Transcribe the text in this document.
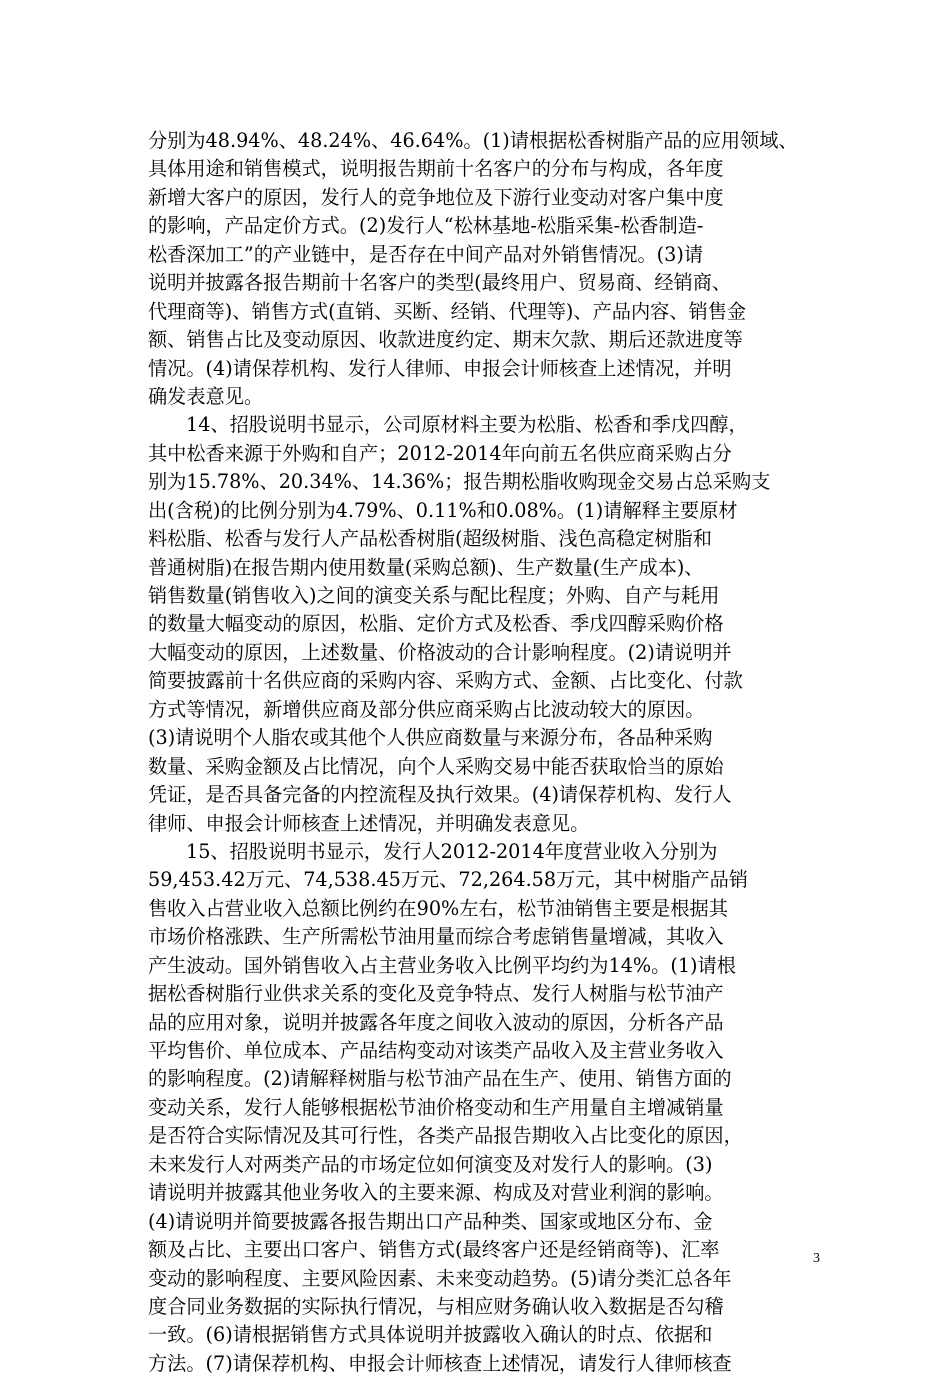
分别为48.94%、48.24%、46.64%。(1)请根据松香树脂产品的应用领域、
具体用途和销售模式，说明报告期前十名客户的分布与构成，各年度
新增大客户的原因，发行人的竞争地位及下游行业变动对客户集中度
的影响，产品定价方式。(2)发行人“松林基地-松脂采集-松香制造-
松香深加工”的产业链中，是否存在中间产品对外销售情况。(3)请
说明并披露各报告期前十名客户的类型(最终用户、贸易商、经销商、
代理商等)、销售方式(直销、买断、经销、代理等)、产品内容、销售金
额、销售占比及变动原因、收款进度约定、期末欠款、期后还款进度等
情况。(4)请保荐机构、发行人律师、申报会计师核查上述情况，并明
确发表意见。
14、招股说明书显示，公司原材料主要为松脂、松香和季戊四醇，
其中松香来源于外购和自产；2012-2014年向前五名供应商采购占分
别为15.78%、20.34%、14.36%；报告期松脂收购现金交易占总采购支
出(含税)的比例分别为4.79%、0.11%和0.08%。(1)请解释主要原材
料松脂、松香与发行人产品松香树脂(超级树脂、浅色高稳定树脂和
普通树脂)在报告期内使用数量(采购总额)、生产数量(生产成本)、
销售数量(销售收入)之间的演变关系与配比程度；外购、自产与耗用
的数量大幅变动的原因，松脂、定价方式及松香、季戊四醇采购价格
大幅变动的原因，上述数量、价格波动的合计影响程度。(2)请说明并
简要披露前十名供应商的采购内容、采购方式、金额、占比变化、付款
方式等情况，新增供应商及部分供应商采购占比波动较大的原因。
(3)请说明个人脂农或其他个人供应商数量与来源分布，各品种采购
数量、采购金额及占比情况，向个人采购交易中能否获取恰当的原始
凭证，是否具备完备的内控流程及执行效果。(4)请保荐机构、发行人
律师、申报会计师核查上述情况，并明确发表意见。
15、招股说明书显示，发行人2012-2014年度营业收入分别为
59,453.42万元、74,538.45万元、72,264.58万元，其中树脂产品销
售收入占营业收入总额比例约在90%左右，松节油销售主要是根据其
市场价格涨跌、生产所需松节油用量而综合考虑销售量增减，其收入
产生波动。国外销售收入占主营业务收入比例平均约为14%。(1)请根
据松香树脂行业供求关系的变化及竞争特点、发行人树脂与松节油产
品的应用对象，说明并披露各年度之间收入波动的原因，分析各产品
平均售价、单位成本、产品结构变动对该类产品收入及主营业务收入
的影响程度。(2)请解释树脂与松节油产品在生产、使用、销售方面的
变动关系，发行人能够根据松节油价格变动和生产用量自主增减销量
是否符合实际情况及其可行性，各类产品报告期收入占比变化的原因，
未来发行人对两类产品的市场定位如何演变及对发行人的影响。(3)
请说明并披露其他业务收入的主要来源、构成及对营业利润的影响。
(4)请说明并简要披露各报告期出口产品种类、国家或地区分布、金
额及占比、主要出口客户、销售方式(最终客户还是经销商等)、汇率
变动的影响程度、主要风险因素、未来变动趋势。(5)请分类汇总各年
度合同业务数据的实际执行情况，与相应财务确认收入数据是否勾稽
一致。(6)请根据销售方式具体说明并披露收入确认的时点、依据和
方法。(7)请保荐机构、申报会计师核查上述情况，请发行人律师核查
3
